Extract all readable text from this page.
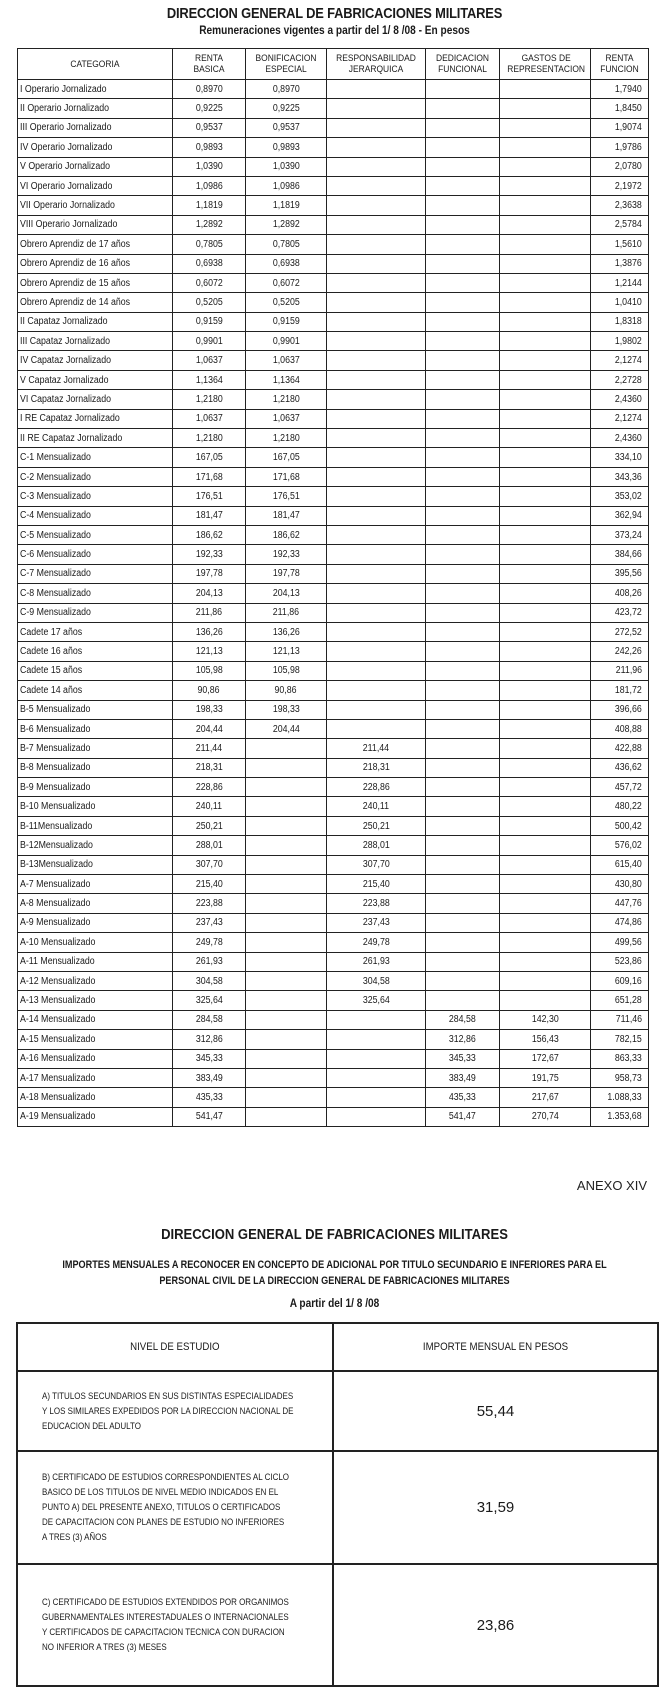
DIRECCION GENERAL DE FABRICACIONES MILITARES
Remuneraciones vigentes a partir del 1/ 8 /08 - En pesos
CATEGORIA	RENTA BASICA	BONIFICACION ESPECIAL	RESPONSABILIDAD JERARQUICA	DEDICACION FUNCIONAL	GASTOS DE REPRESENTACION	RENTA FUNCION
I Operario Jornalizado	0,8970	0,8970				1,7940
II Operario Jornalizado	0,9225	0,9225				1,8450
III Operario Jornalizado	0,9537	0,9537				1,9074
IV Operario Jornalizado	0,9893	0,9893				1,9786
V Operario Jornalizado	1,0390	1,0390				2,0780
VI Operario Jornalizado	1,0986	1,0986				2,1972
VII Operario Jornalizado	1,1819	1,1819				2,3638
VIII Operario Jornalizado	1,2892	1,2892				2,5784
Obrero Aprendiz de 17 años	0,7805	0,7805				1,5610
Obrero Aprendiz de 16 años	0,6938	0,6938				1,3876
Obrero Aprendiz de 15 años	0,6072	0,6072				1,2144
Obrero Aprendiz de 14 años	0,5205	0,5205				1,0410
II Capataz Jornalizado	0,9159	0,9159				1,8318
III Capataz Jornalizado	0,9901	0,9901				1,9802
IV Capataz Jornalizado	1,0637	1,0637				2,1274
V Capataz Jornalizado	1,1364	1,1364				2,2728
VI Capataz Jornalizado	1,2180	1,2180				2,4360
I RE Capataz Jornalizado	1,0637	1,0637				2,1274
II RE Capataz Jornalizado	1,2180	1,2180				2,4360
C-1 Mensualizado	167,05	167,05				334,10
C-2 Mensualizado	171,68	171,68				343,36
C-3 Mensualizado	176,51	176,51				353,02
C-4 Mensualizado	181,47	181,47				362,94
C-5 Mensualizado	186,62	186,62				373,24
C-6 Mensualizado	192,33	192,33				384,66
C-7 Mensualizado	197,78	197,78				395,56
C-8 Mensualizado	204,13	204,13				408,26
C-9 Mensualizado	211,86	211,86				423,72
Cadete 17 años	136,26	136,26				272,52
Cadete 16 años	121,13	121,13				242,26
Cadete 15 años	105,98	105,98				211,96
Cadete 14 años	90,86	90,86				181,72
B-5 Mensualizado	198,33	198,33				396,66
B-6 Mensualizado	204,44	204,44				408,88
B-7 Mensualizado	211,44		211,44			422,88
B-8 Mensualizado	218,31		218,31			436,62
B-9 Mensualizado	228,86		228,86			457,72
B-10 Mensualizado	240,11		240,11			480,22
B-11Mensualizado	250,21		250,21			500,42
B-12Mensualizado	288,01		288,01			576,02
B-13Mensualizado	307,70		307,70			615,40
A-7 Mensualizado	215,40		215,40			430,80
A-8 Mensualizado	223,88		223,88			447,76
A-9 Mensualizado	237,43		237,43			474,86
A-10 Mensualizado	249,78		249,78			499,56
A-11 Mensualizado	261,93		261,93			523,86
A-12 Mensualizado	304,58		304,58			609,16
A-13 Mensualizado	325,64		325,64			651,28
A-14 Mensualizado	284,58			284,58	142,30	711,46
A-15 Mensualizado	312,86			312,86	156,43	782,15
A-16 Mensualizado	345,33			345,33	172,67	863,33
A-17 Mensualizado	383,49			383,49	191,75	958,73
A-18 Mensualizado	435,33			435,33	217,67	1.088,33
A-19 Mensualizado	541,47			541,47	270,74	1.353,68
ANEXO XIV
DIRECCION GENERAL DE FABRICACIONES MILITARES
IMPORTES MENSUALES A RECONOCER EN CONCEPTO DE ADICIONAL POR TITULO SECUNDARIO E INFERIORES PARA EL
PERSONAL CIVIL DE LA DIRECCION GENERAL DE FABRICACIONES MILITARES
A partir del 1/ 8 /08
NIVEL DE ESTUDIO	IMPORTE MENSUAL EN PESOS

A) TITULOS SECUNDARIOS EN SUS DISTINTAS ESPECIALIDADES
Y LOS SIMILARES EXPEDIDOS POR LA DIRECCION NACIONAL DE
EDUCACION DEL ADULTO	55,44

B) CERTIFICADO DE ESTUDIOS CORRESPONDIENTES AL CICLO
BASICO DE LOS TITULOS DE NIVEL MEDIO INDICADOS EN EL
PUNTO A) DEL PRESENTE ANEXO, TITULOS O CERTIFICADOS
DE CAPACITACION CON PLANES DE ESTUDIO NO INFERIORES
A TRES (3) AÑOS	31,59

C) CERTIFICADO DE ESTUDIOS EXTENDIDOS POR ORGANIMOS
GUBERNAMENTALES INTERESTADUALES O INTERNACIONALES
Y CERTIFICADOS DE CAPACITACION TECNICA CON DURACION
NO INFERIOR A TRES (3) MESES	23,86
